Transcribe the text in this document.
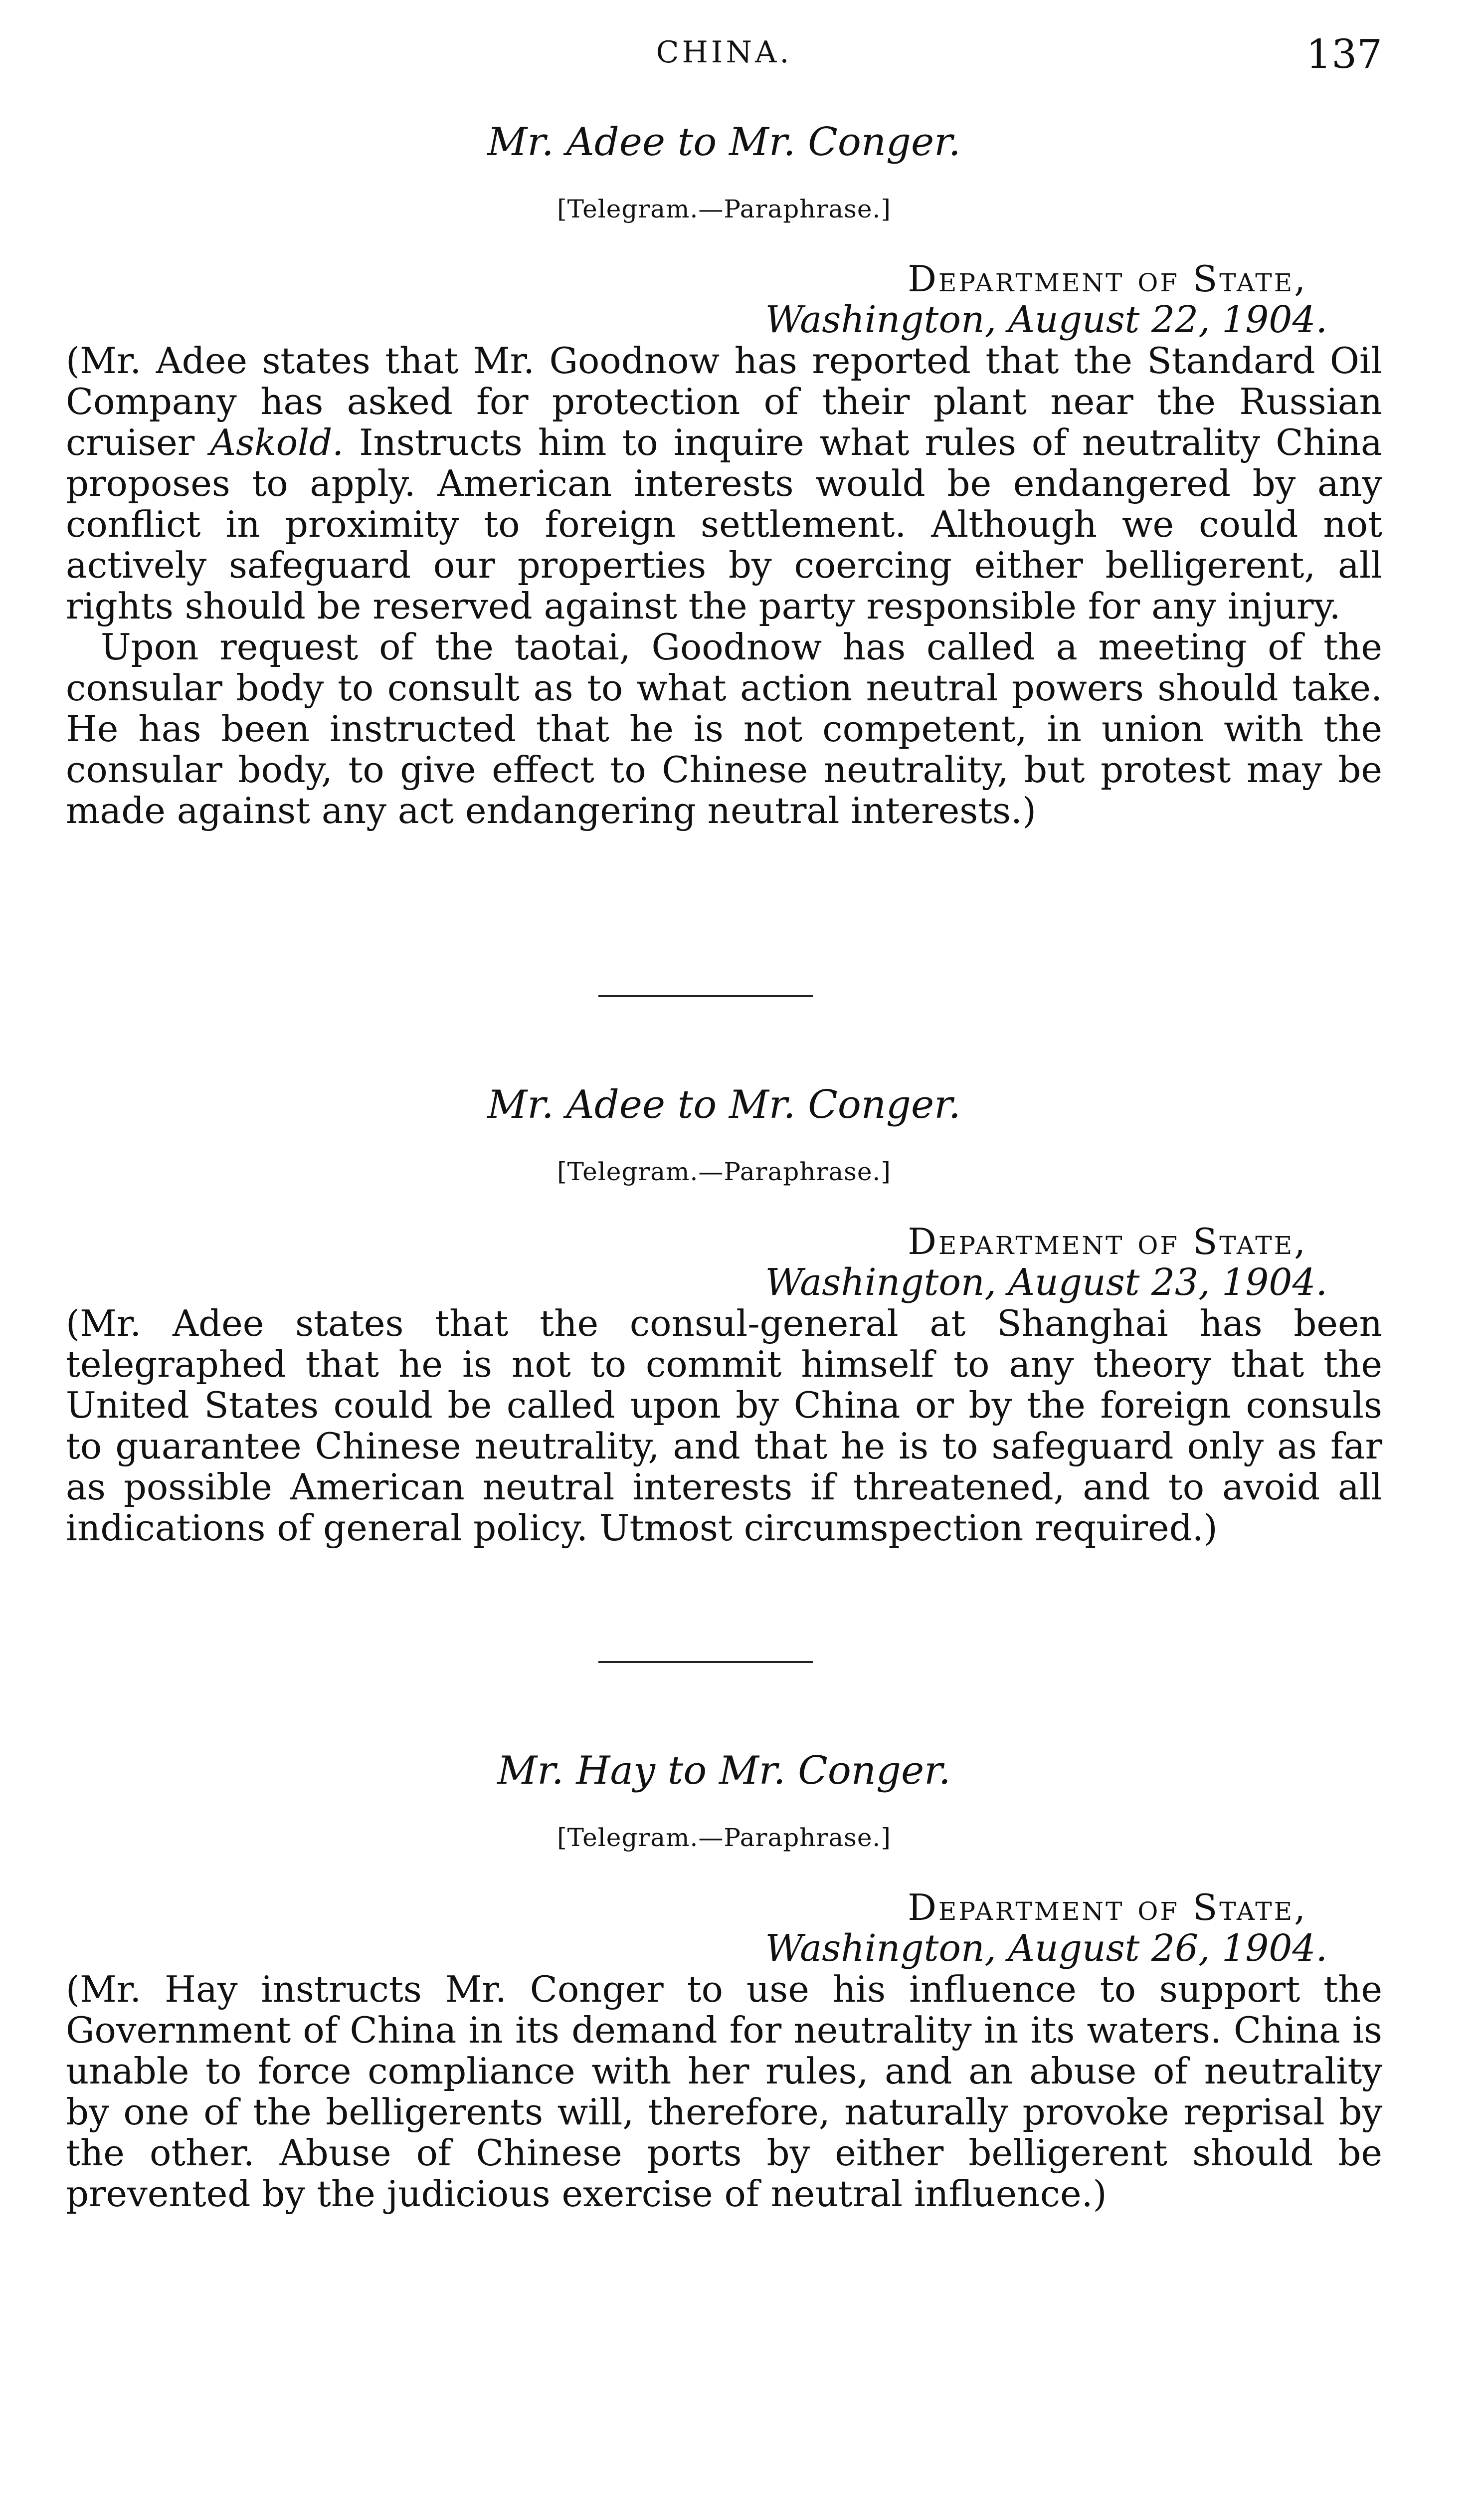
CHINA.	137
Mr. Adee to Mr. Conger.
[Telegram.—Paraphrase.]
Department of State,
Washington, August 22, 1904.

(Mr. Adee states that Mr. Goodnow has reported that the Standard Oil Company has asked for protection of their plant near the Russian cruiser Askold. Instructs him to inquire what rules of neutrality China proposes to apply. American interests would be endangered by any conflict in proximity to foreign settlement. Although we could not actively safeguard our properties by coercing either belligerent, all rights should be reserved against the party responsible for any injury.

Upon request of the taotai, Goodnow has called a meeting of the consular body to consult as to what action neutral powers should take. He has been instructed that he is not competent, in union with the consular body, to give effect to Chinese neutrality, but protest may be made against any act endangering neutral interests.)

Mr. Adee to Mr. Conger.
[Telegram.—Paraphrase.]
Department of State,
Washington, August 23, 1904.

(Mr. Adee states that the consul-general at Shanghai has been telegraphed that he is not to commit himself to any theory that the United States could be called upon by China or by the foreign consuls to guarantee Chinese neutrality, and that he is to safeguard only as far as possible American neutral interests if threatened, and to avoid all indications of general policy. Utmost circumspection required.)

Mr. Hay to Mr. Conger.
[Telegram.—Paraphrase.]
Department of State,
Washington, August 26, 1904.

(Mr. Hay instructs Mr. Conger to use his influence to support the Government of China in its demand for neutrality in its waters. China is unable to force compliance with her rules, and an abuse of neutrality by one of the belligerents will, therefore, naturally provoke reprisal by the other. Abuse of Chinese ports by either belligerent should be prevented by the judicious exercise of neutral influence.)
